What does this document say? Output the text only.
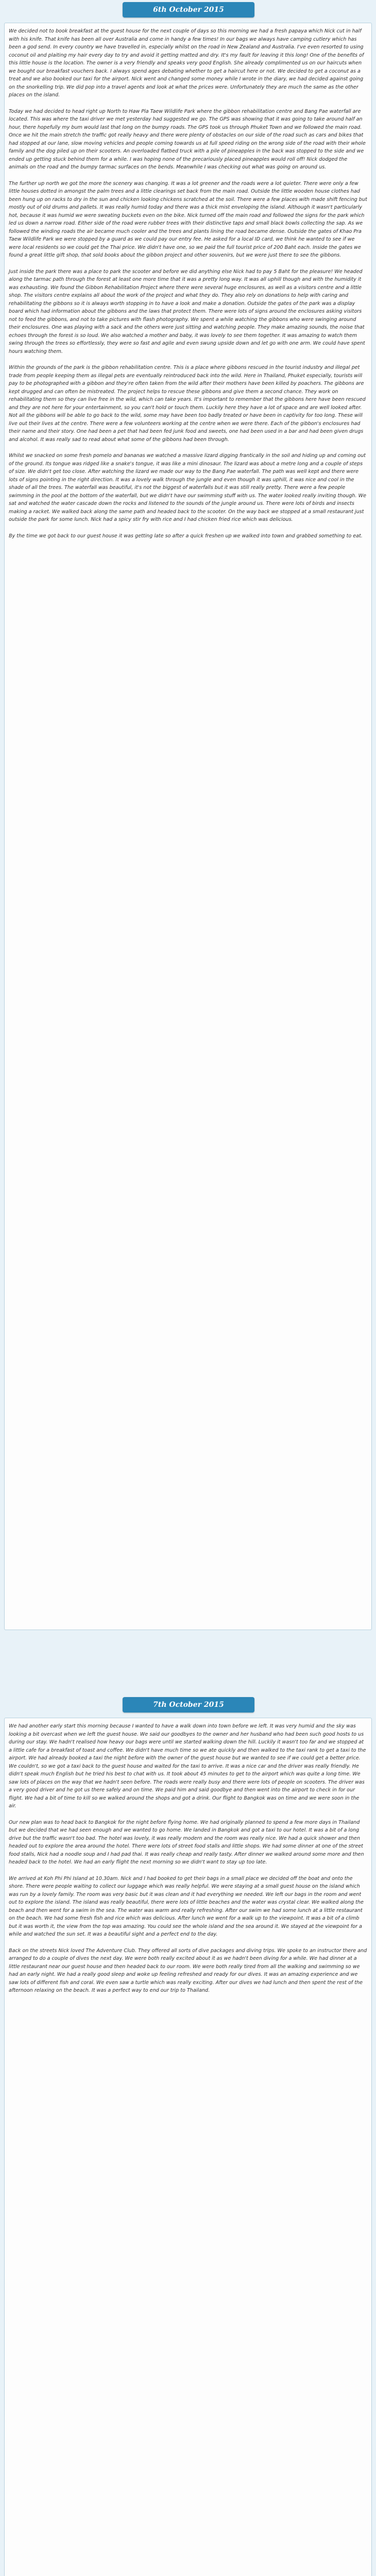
6th October 2015

We decided not to book breakfast at the guest house for the next couple of days so this morning we had a fresh papaya which Nick cut in half with his knife. That knife has been all over Australia and come in handy a few times! In our bags we always have camping cutlery which has been a god send. In every country we have travelled in, especially whilst on the road in New Zealand and Australia. I've even resorted to using coconut oil and plaiting my hair every day to try and avoid it getting matted and dry. It's my fault for leaving it this long! One of the benefits of this little house is the location. The owner is a very friendly and speaks very good English. She already complimented us on our haircuts when we bought our breakfast vouchers back. I always spend ages debating whether to get a haircut here or not. We decided to get a coconut as a treat and we also booked our taxi for the airport. Nick went and changed some money while I wrote in the diary, we had decided against going on the snorkelling trip. We did pop into a travel agents and look at what the prices were. Unfortunately they are much the same as the other places on the island.

Today we had decided to head right up North to Haw Pla Taew Wildlife Park where the gibbon rehabilitation centre and Bang Pae waterfall are located. This was where the taxi driver we met yesterday had suggested we go. The GPS was showing that it was going to take around half an hour, there hopefully my bum would last that long on the bumpy roads. The GPS took us through Phuket Town and we followed the main road. Once we hit the main stretch the traffic got really heavy and there were plenty of obstacles on our side of the road such as cars and bikes that had stopped at our lane, slow moving vehicles and people coming towards us at full speed riding on the wrong side of the road with their whole family and the dog piled up on their scooters. An overloaded flatbed truck with a pile of pineapples in the back was stopped to the side and we ended up getting stuck behind them for a while. I was hoping none of the precariously placed pineapples would roll off! Nick dodged the animals on the road and the bumpy tarmac surfaces on the bends. Meanwhile I was checking out what was going on around us.

The further up north we got the more the scenery was changing. It was a lot greener and the roads were a lot quieter. There were only a few little houses dotted in amongst the palm trees and a little clearings set back from the main road. Outside the little wooden house clothes had been hung up on racks to dry in the sun and chicken looking chickens scratched at the soil. There were a few places with made shift fencing but mostly out of old drums and pallets. It was really humid today and there was a thick mist enveloping the island. Although it wasn't particularly hot, because it was humid we were sweating buckets even on the bike. Nick turned off the main road and followed the signs for the park which led us down a narrow road. Either side of the road were rubber trees with their distinctive taps and small black bowls collecting the sap. As we followed the winding roads the air became much cooler and the trees and plants lining the road became dense. Outside the gates of Khao Pra Taew Wildlife Park we were stopped by a guard as we could pay our entry fee. He asked for a local ID card, we think he wanted to see if we were local residents so we could get the Thai price. We didn't have one, so we paid the full tourist price of 200 Baht each. Inside the gates we found a great little gift shop, that sold books about the gibbon project and other souvenirs, but we were just there to see the gibbons.

Just inside the park there was a place to park the scooter and before we did anything else Nick had to pay 5 Baht for the pleasure! We headed along the tarmac path through the forest at least one more time that it was a pretty long way. It was all uphill though and with the humidity it was exhausting. We found the Gibbon Rehabilitation Project where there were several huge enclosures, as well as a visitors centre and a little shop. The visitors centre explains all about the work of the project and what they do. They also rely on donations to help with caring and rehabilitating the gibbons so it is always worth stopping in to have a look and make a donation. Outside the gates of the park was a display board which had information about the gibbons and the laws that protect them. There were lots of signs around the enclosures asking visitors not to feed the gibbons, and not to take pictures with flash photography. We spent a while watching the gibbons who were swinging around their enclosures. One was playing with a sack and the others were just sitting and watching people. They make amazing sounds, the noise that echoes through the forest is so loud. We also watched a mother and baby, it was lovely to see them together. It was amazing to watch them swing through the trees so effortlessly, they were so fast and agile and even swung upside down and let go with one arm. We could have spent hours watching them.

Within the grounds of the park is the gibbon rehabilitation centre. This is a place where gibbons rescued in the tourist industry and illegal pet trade from people keeping them as illegal pets are eventually reintroduced back into the wild. Here in Thailand, Phuket especially, tourists will pay to be photographed with a gibbon and they're often taken from the wild after their mothers have been killed by poachers. The gibbons are kept drugged and can often be mistreated. The project helps to rescue these gibbons and give them a second chance. They work on rehabilitating them so they can live free in the wild, which can take years. It's important to remember that the gibbons here have been rescued and they are not here for your entertainment, so you can't hold or touch them. Luckily here they have a lot of space and are well looked after. Not all the gibbons will be able to go back to the wild, some may have been too badly treated or have been in captivity for too long. These will live out their lives at the centre. There were a few volunteers working at the centre when we were there. Each of the gibbon's enclosures had their name and their story. One had been a pet that had been fed junk food and sweets, one had been used in a bar and had been given drugs and alcohol. It was really sad to read about what some of the gibbons had been through.

Whilst we snacked on some fresh pomelo and bananas we watched a massive lizard digging frantically in the soil and hiding up and coming out of the ground. Its tongue was ridged like a snake's tongue, it was like a mini dinosaur. The lizard was about a metre long and a couple of steps of size. We didn't get too close. After watching the lizard we made our way to the Bang Pae waterfall. The path was well kept and there were lots of signs pointing in the right direction. It was a lovely walk through the jungle and even though it was uphill, it was nice and cool in the shade of all the trees. The waterfall was beautiful, it's not the biggest of waterfalls but it was still really pretty. There were a few people swimming in the pool at the bottom of the waterfall, but we didn't have our swimming stuff with us. The water looked really inviting though. We sat and watched the water cascade down the rocks and listened to the sounds of the jungle around us. There were lots of birds and insects making a racket. We walked back along the same path and headed back to the scooter. On the way back we stopped at a small restaurant just outside the park for some lunch. Nick had a spicy stir fry with rice and I had chicken fried rice which was delicious.

By the time we got back to our guest house it was getting late so after a quick freshen up we walked into town and grabbed something to eat.

7th October 2015

We had another early start this morning because I wanted to have a walk down into town before we left. It was very humid and the sky was looking a bit overcast when we left the guest house. We said our goodbyes to the owner and her husband who had been such good hosts to us during our stay. We hadn't realised how heavy our bags were until we started walking down the hill. Luckily it wasn't too far and we stopped at a little cafe for a breakfast of toast and coffee. We didn't have much time so we ate quickly and then walked to the taxi rank to get a taxi to the airport. We had already booked a taxi the night before with the owner of the guest house but we wanted to see if we could get a better price. We couldn't, so we got a taxi back to the guest house and waited for the taxi to arrive. It was a nice car and the driver was really friendly. He didn't speak much English but he tried his best to chat with us. It took about 45 minutes to get to the airport which was quite a long time. We saw lots of places on the way that we hadn't seen before. The roads were really busy and there were lots of people on scooters. The driver was a very good driver and he got us there safely and on time. We paid him and said goodbye and then went into the airport to check in for our flight. We had a bit of time to kill so we walked around the shops and got a drink. Our flight to Bangkok was on time and we were soon in the air.

Our new plan was to head back to Bangkok for the night before flying home. We had originally planned to spend a few more days in Thailand but we decided that we had seen enough and we wanted to go home. We landed in Bangkok and got a taxi to our hotel. It was a bit of a long drive but the traffic wasn't too bad. The hotel was lovely, it was really modern and the room was really nice. We had a quick shower and then headed out to explore the area around the hotel. There were lots of street food stalls and little shops. We had some dinner at one of the street food stalls, Nick had a noodle soup and I had pad thai. It was really cheap and really tasty. After dinner we walked around some more and then headed back to the hotel. We had an early flight the next morning so we didn't want to stay up too late.

We arrived at Koh Phi Phi Island at 10.30am. Nick and I had booked to get their bags in a small place we decided off the boat and onto the shore. There were people waiting to collect our luggage which was really helpful. We were staying at a small guest house on the island which was run by a lovely family. The room was very basic but it was clean and it had everything we needed. We left our bags in the room and went out to explore the island. The island was really beautiful, there were lots of little beaches and the water was crystal clear. We walked along the beach and then went for a swim in the sea. The water was warm and really refreshing. After our swim we had some lunch at a little restaurant on the beach. We had some fresh fish and rice which was delicious. After lunch we went for a walk up to the viewpoint. It was a bit of a climb but it was worth it, the view from the top was amazing. You could see the whole island and the sea around it. We stayed at the viewpoint for a while and watched the sun set. It was a beautiful sight and a perfect end to the day.

Back on the streets Nick loved The Adventure Club. They offered all sorts of dive packages and diving trips. We spoke to an instructor there and arranged to do a couple of dives the next day. We were both really excited about it as we hadn't been diving for a while. We had dinner at a little restaurant near our guest house and then headed back to our room. We were both really tired from all the walking and swimming so we had an early night. We had a really good sleep and woke up feeling refreshed and ready for our dives. It was an amazing experience and we saw lots of different fish and coral. We even saw a turtle which was really exciting. After our dives we had lunch and then spent the rest of the afternoon relaxing on the beach. It was a perfect way to end our trip to Thailand.
